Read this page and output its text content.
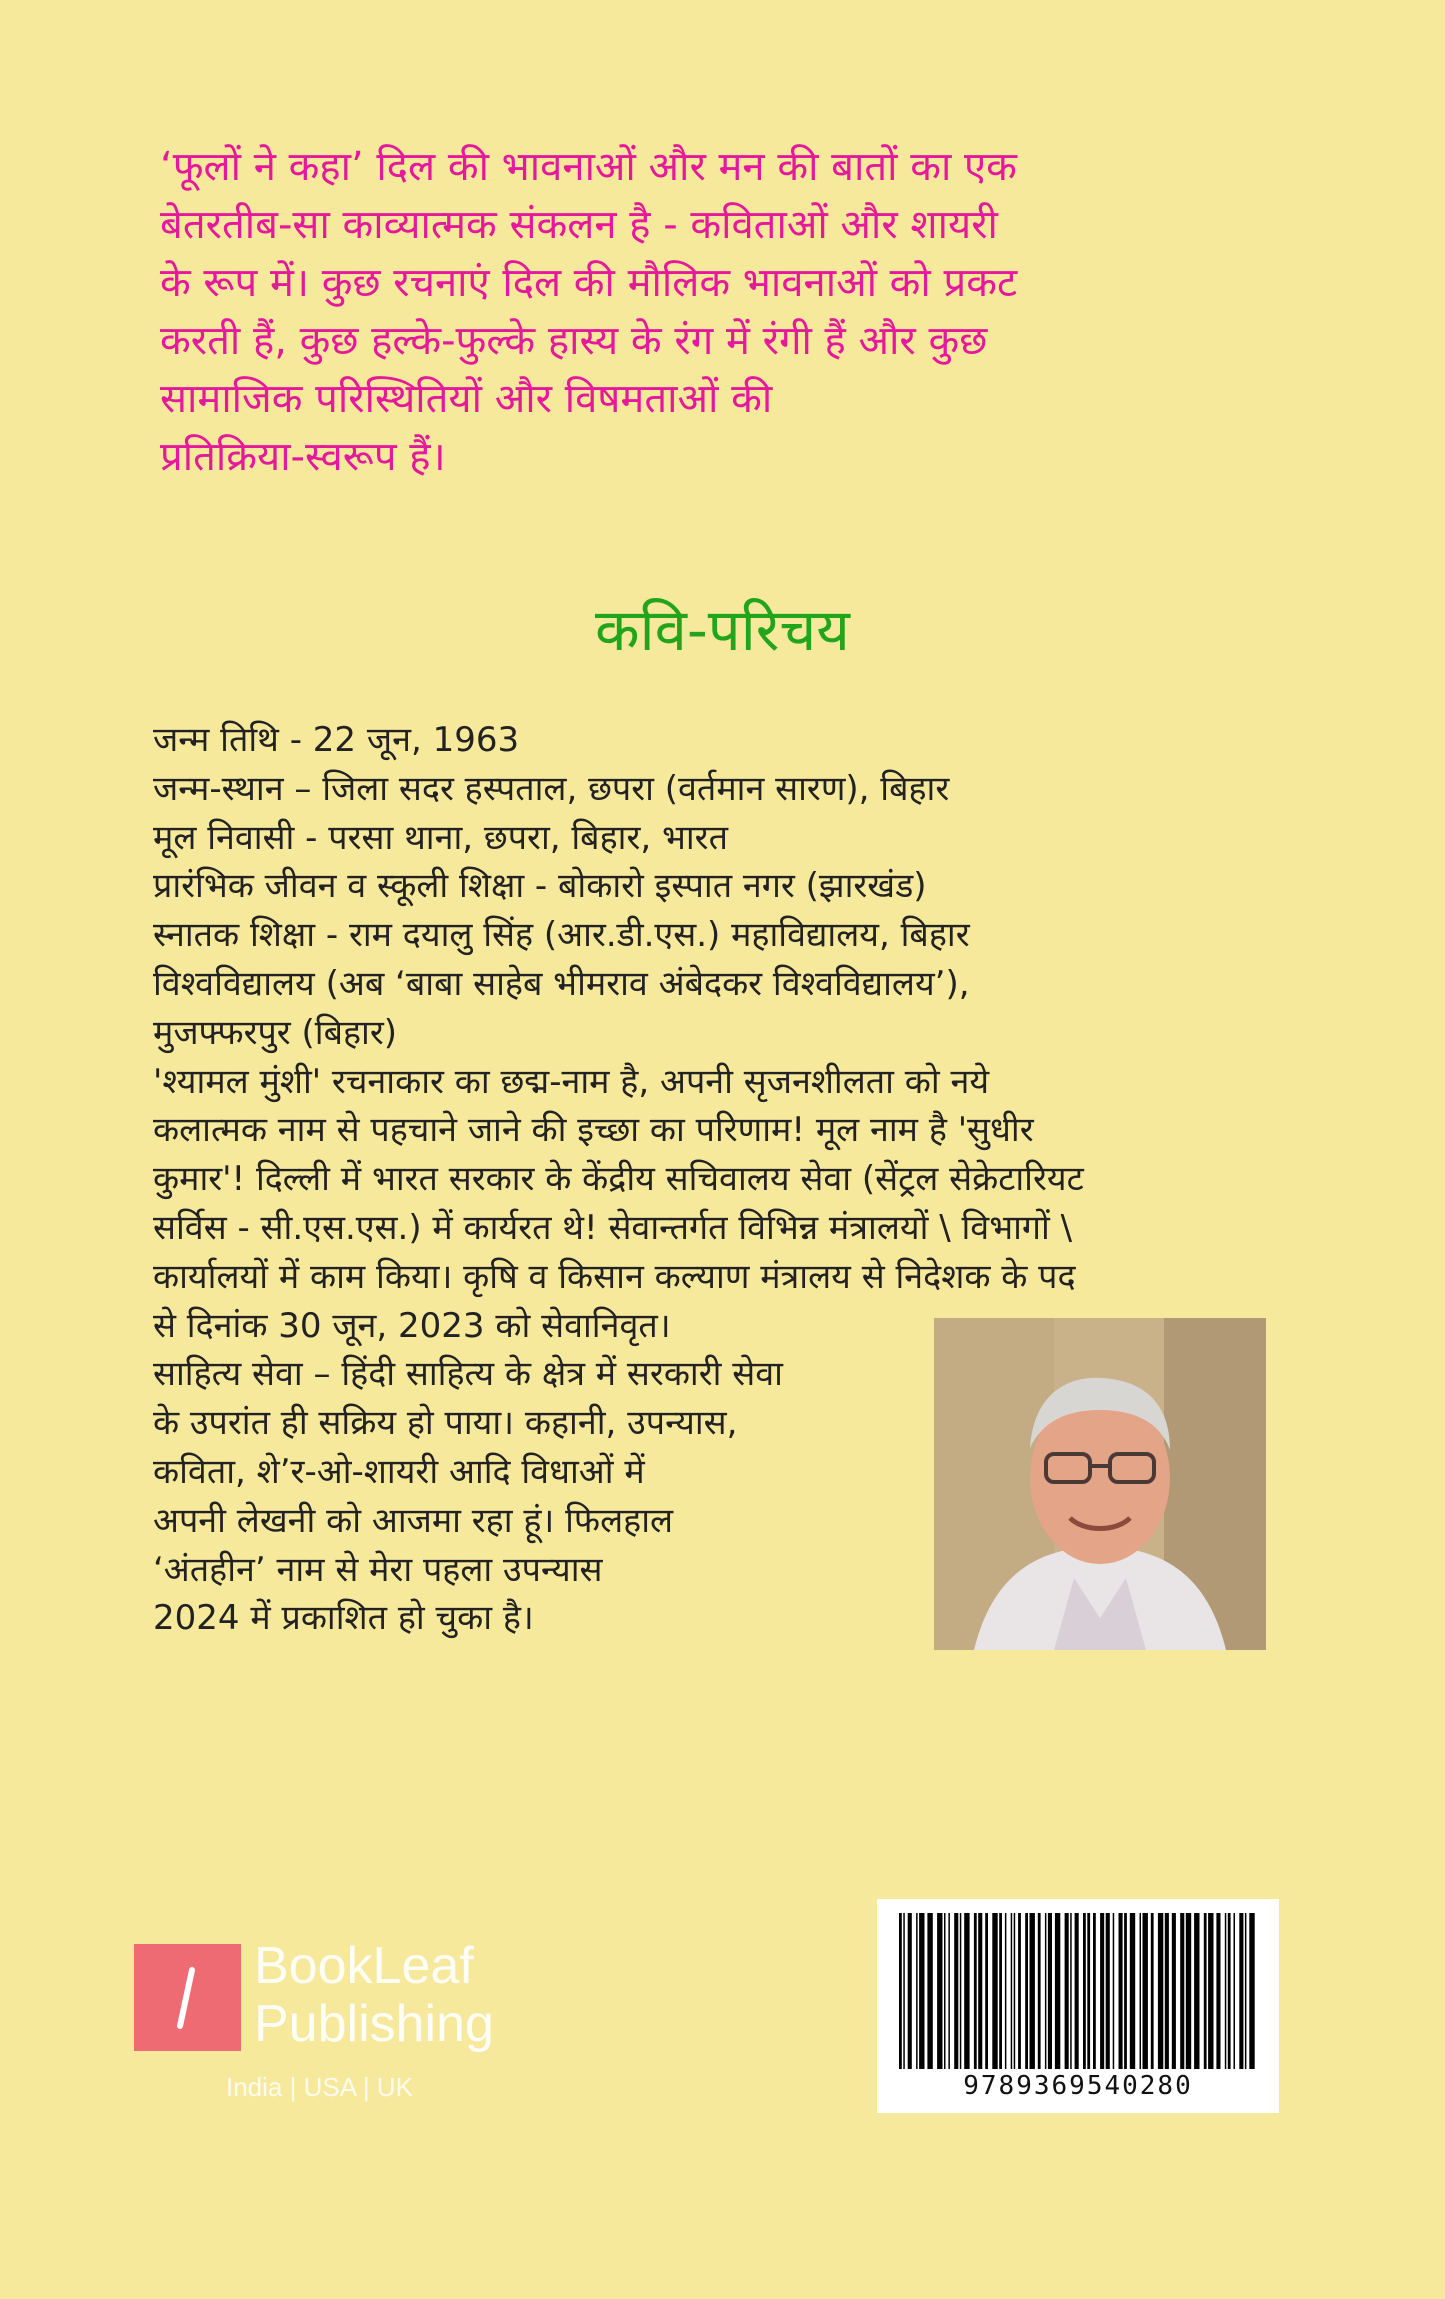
‘फूलों ने कहा’ दिल की भावनाओं और मन की बातों का एक
बेतरतीब-सा काव्यात्मक संकलन है - कविताओं और शायरी
के रूप में। कुछ रचनाएं दिल की मौलिक भावनाओं को प्रकट
करती हैं, कुछ हल्के-फुल्के हास्य के रंग में रंगी हैं और कुछ
सामाजिक परिस्थितियों और विषमताओं की
प्रतिक्रिया-स्वरूप हैं।
कवि-परिचय
जन्म तिथि - 22 जून, 1963
जन्म-स्थान – जिला सदर हस्पताल, छपरा (वर्तमान सारण), बिहार
मूल निवासी - परसा थाना, छपरा, बिहार, भारत
प्रारंभिक जीवन व स्कूली शिक्षा - बोकारो इस्पात नगर (झारखंड)
स्नातक शिक्षा - राम दयालु सिंह (आर.डी.एस.) महाविद्यालय, बिहार
विश्वविद्यालय (अब ‘बाबा साहेब भीमराव अंबेदकर विश्वविद्यालय’),
मुजफ्फरपुर (बिहार)
'श्यामल मुंशी' रचनाकार का छद्म-नाम है, अपनी सृजनशीलता को नये
कलात्मक नाम से पहचाने जाने की इच्छा का परिणाम! मूल नाम है 'सुधीर
कुमार'! दिल्ली में भारत सरकार के केंद्रीय सचिवालय सेवा (सेंट्रल सेक्रेटारियट
सर्विस - सी.एस.एस.) में कार्यरत थे! सेवान्तर्गत विभिन्न मंत्रालयों \ विभागों \
कार्यालयों में काम किया। कृषि व किसान कल्याण मंत्रालय से निदेशक के पद
से दिनांक 30 जून, 2023 को सेवानिवृत।
साहित्य सेवा – हिंदी साहित्य के क्षेत्र में सरकारी सेवा
के उपरांत ही सक्रिय हो पाया। कहानी, उपन्यास,
कविता, शे’र-ओ-शायरी आदि विधाओं में
अपनी लेखनी को आजमा रहा हूं। फिलहाल
‘अंतहीन’ नाम से मेरा पहला उपन्यास
2024 में प्रकाशित हो चुका है।
BookLeaf
Publishing
India | USA | UK	9789369540280
